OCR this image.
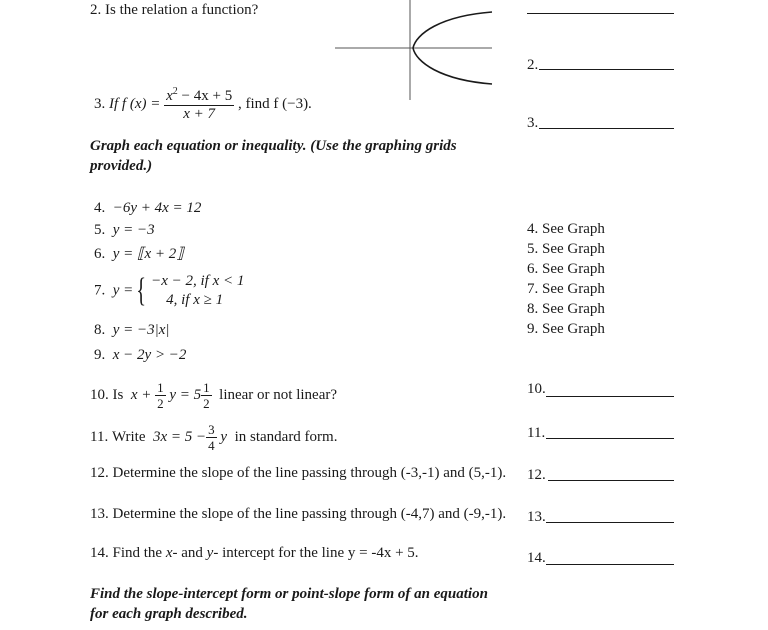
2. Is the relation a function?
2.
3. If f $(x) = \frac{x^2 - 4x + 5}{x + 7}$ , find f (−3).
3.
Graph each equation or inequality. (Use the graphing grids
provided.)
4. −6y + 4x = 12
5. y = −3
6. y = ⟦x + 2⟧
7. y = { −x − 2, if x < 1
4, if x ≥ 1
8. y = −3|x|
9. x − 2y > −2
4. See Graph
5. See Graph
6. See Graph
7. See Graph
8. See Graph
9. See Graph
10. Is $x + \frac{1}{2}$ $y = 5 \frac{1}{2}$ linear or not linear?	10.
11. Write $3x = 5 - \frac{3}{4}$ y in standard form.	11.
12. Determine the slope of the line passing through (-3,-1) and (5,-1). 12.
13. Determine the slope of the line passing through (-4,7) and (-9,-1). 13.
14. Find the x- and y- intercept for the line y = -4x + 5.	14.
Find the slope-intercept form or point-slope form of an equation
for each graph described.
